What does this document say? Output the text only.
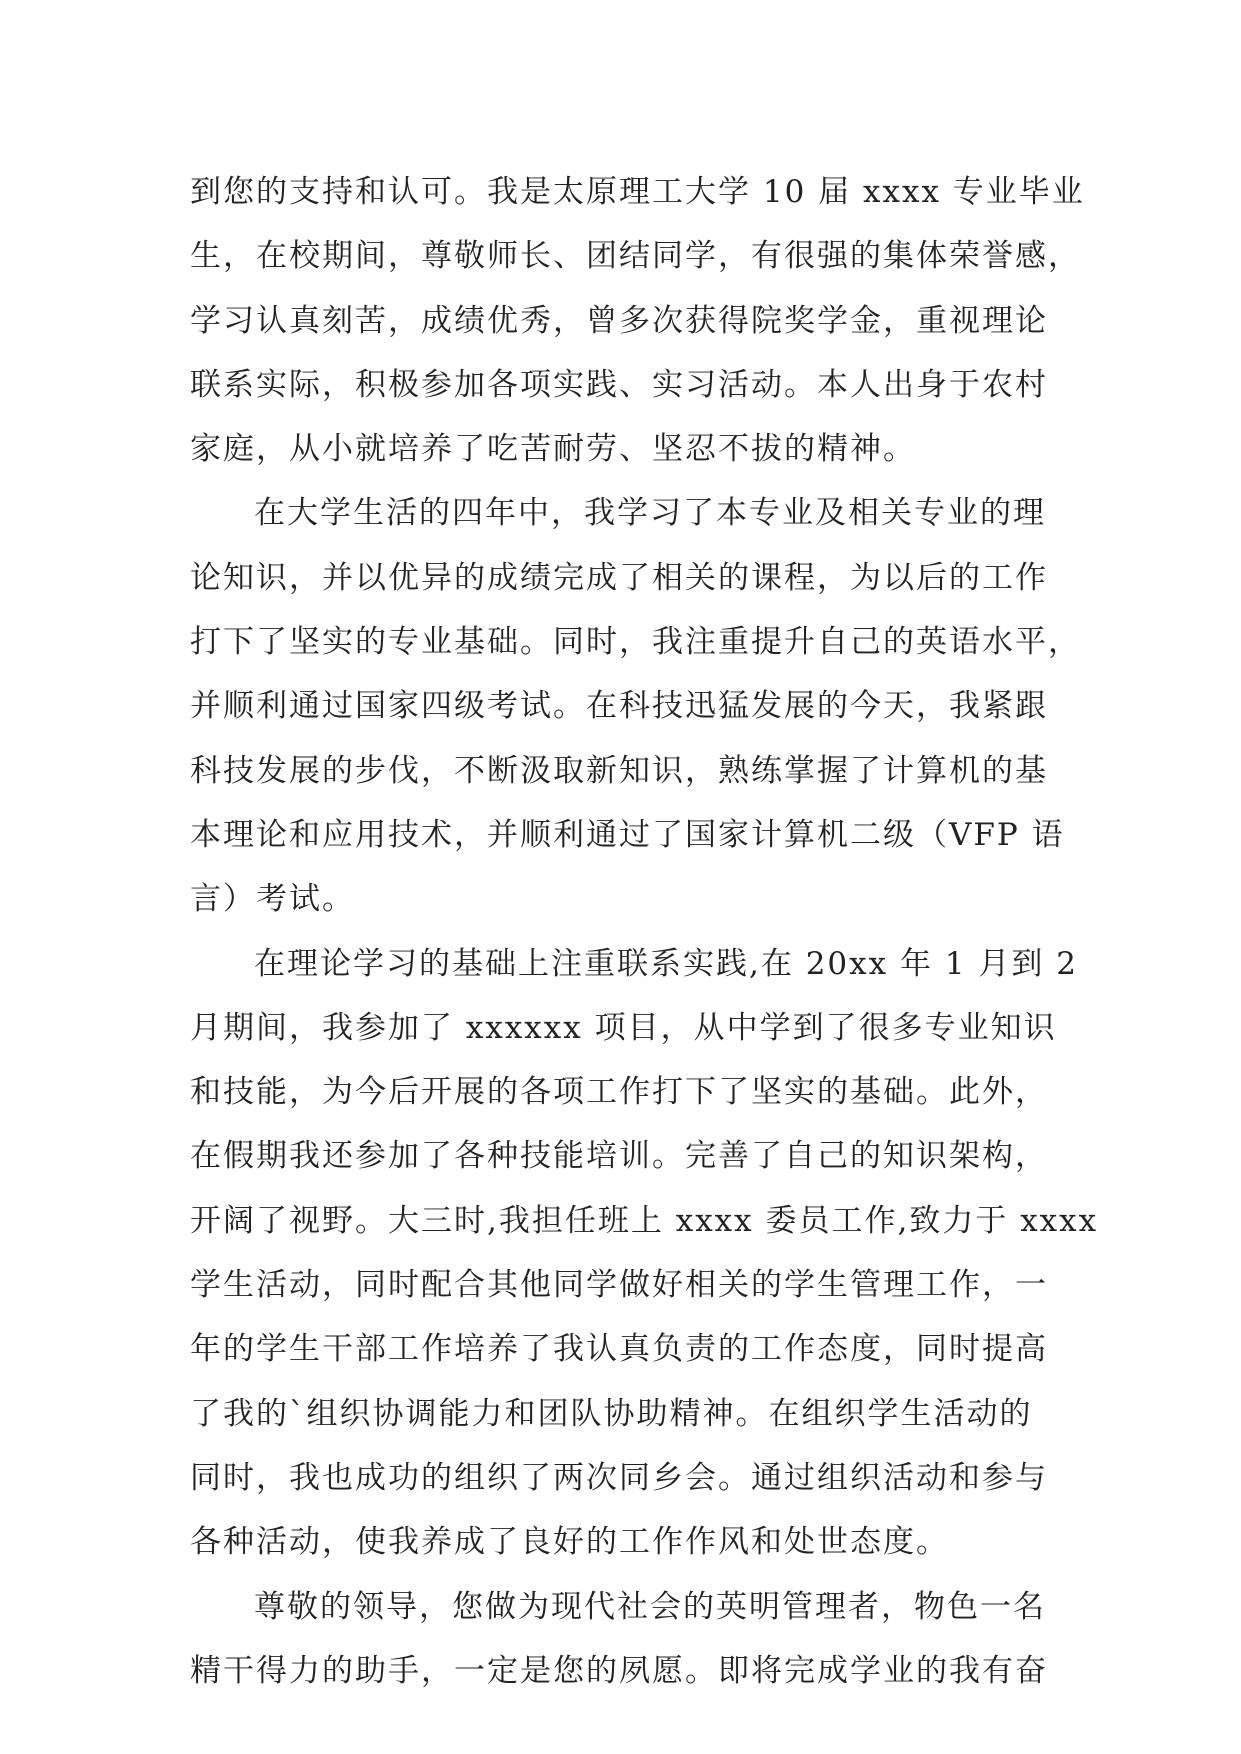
到您的支持和认可。我是太原理工大学 10 届 xxxx 专业毕业
生，在校期间，尊敬师长、团结同学，有很强的集体荣誉感，
学习认真刻苦，成绩优秀，曾多次获得院奖学金，重视理论
联系实际，积极参加各项实践、实习活动。本人出身于农村
家庭，从小就培养了吃苦耐劳、坚忍不拔的精神。
在大学生活的四年中，我学习了本专业及相关专业的理
论知识，并以优异的成绩完成了相关的课程，为以后的工作
打下了坚实的专业基础。同时，我注重提升自己的英语水平，
并顺利通过国家四级考试。在科技迅猛发展的今天，我紧跟
科技发展的步伐，不断汲取新知识，熟练掌握了计算机的基
本理论和应用技术，并顺利通过了国家计算机二级（VFP 语
言）考试。
在理论学习的基础上注重联系实践,在 20xx 年 1 月到 2
月期间，我参加了 xxxxxx 项目，从中学到了很多专业知识
和技能，为今后开展的各项工作打下了坚实的基础。此外，
在假期我还参加了各种技能培训。完善了自己的知识架构，
开阔了视野。大三时,我担任班上 xxxx 委员工作,致力于 xxxx
学生活动，同时配合其他同学做好相关的学生管理工作，一
年的学生干部工作培养了我认真负责的工作态度，同时提高
了我的`组织协调能力和团队协助精神。在组织学生活动的
同时，我也成功的组织了两次同乡会。通过组织活动和参与
各种活动，使我养成了良好的工作作风和处世态度。
尊敬的领导，您做为现代社会的英明管理者，物色一名
精干得力的助手，一定是您的夙愿。即将完成学业的我有奋
